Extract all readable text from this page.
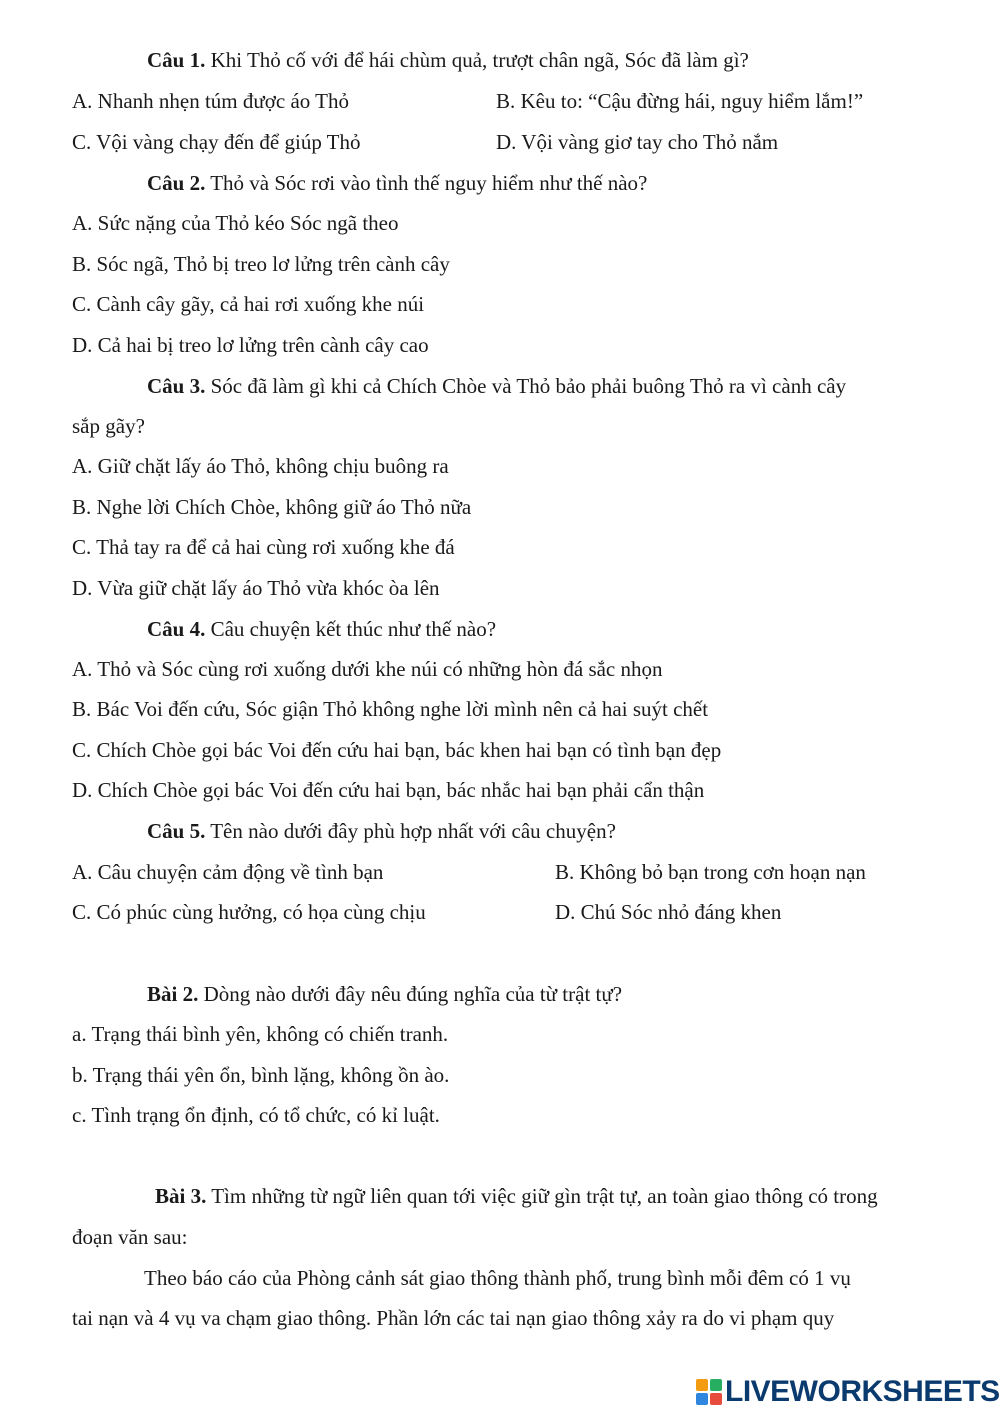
Câu 1. Khi Thỏ cố với để hái chùm quả, trượt chân ngã, Sóc đã làm gì?
A. Nhanh nhẹn túm được áo Thỏ	B. Kêu to: “Cậu đừng hái, nguy hiểm lắm!”
C. Vội vàng chạy đến để giúp Thỏ	D. Vội vàng giơ tay cho Thỏ nắm
Câu 2. Thỏ và Sóc rơi vào tình thế nguy hiểm như thế nào?
A. Sức nặng của Thỏ kéo Sóc ngã theo
B. Sóc ngã, Thỏ bị treo lơ lửng trên cành cây
C. Cành cây gãy, cả hai rơi xuống khe núi
D. Cả hai bị treo lơ lửng trên cành cây cao
Câu 3. Sóc đã làm gì khi cả Chích Chòe và Thỏ bảo phải buông Thỏ ra vì cành cây
sắp gãy?
A. Giữ chặt lấy áo Thỏ, không chịu buông ra
B. Nghe lời Chích Chòe, không giữ áo Thỏ nữa
C. Thả tay ra để cả hai cùng rơi xuống khe đá
D. Vừa giữ chặt lấy áo Thỏ vừa khóc òa lên
Câu 4. Câu chuyện kết thúc như thế nào?
A. Thỏ và Sóc cùng rơi xuống dưới khe núi có những hòn đá sắc nhọn
B. Bác Voi đến cứu, Sóc giận Thỏ không nghe lời mình nên cả hai suýt chết
C. Chích Chòe gọi bác Voi đến cứu hai bạn, bác khen hai bạn có tình bạn đẹp
D. Chích Chòe gọi bác Voi đến cứu hai bạn, bác nhắc hai bạn phải cẩn thận
Câu 5. Tên nào dưới đây phù hợp nhất với câu chuyện?
A. Câu chuyện cảm động về tình bạn	B. Không bỏ bạn trong cơn hoạn nạn
C. Có phúc cùng hưởng, có họa cùng chịu	D. Chú Sóc nhỏ đáng khen
Bài 2. Dòng nào dưới đây nêu đúng nghĩa của từ trật tự?
a. Trạng thái bình yên, không có chiến tranh.
b. Trạng thái yên ổn, bình lặng, không ồn ào.
c. Tình trạng ổn định, có tổ chức, có kỉ luật.
Bài 3. Tìm những từ ngữ liên quan tới việc giữ gìn trật tự, an toàn giao thông có trong
đoạn văn sau:
Theo báo cáo của Phòng cảnh sát giao thông thành phố, trung bình mỗi đêm có 1 vụ
tai nạn và 4 vụ va chạm giao thông. Phần lớn các tai nạn giao thông xảy ra do vi phạm quy
LIVEWORKSHEETS
